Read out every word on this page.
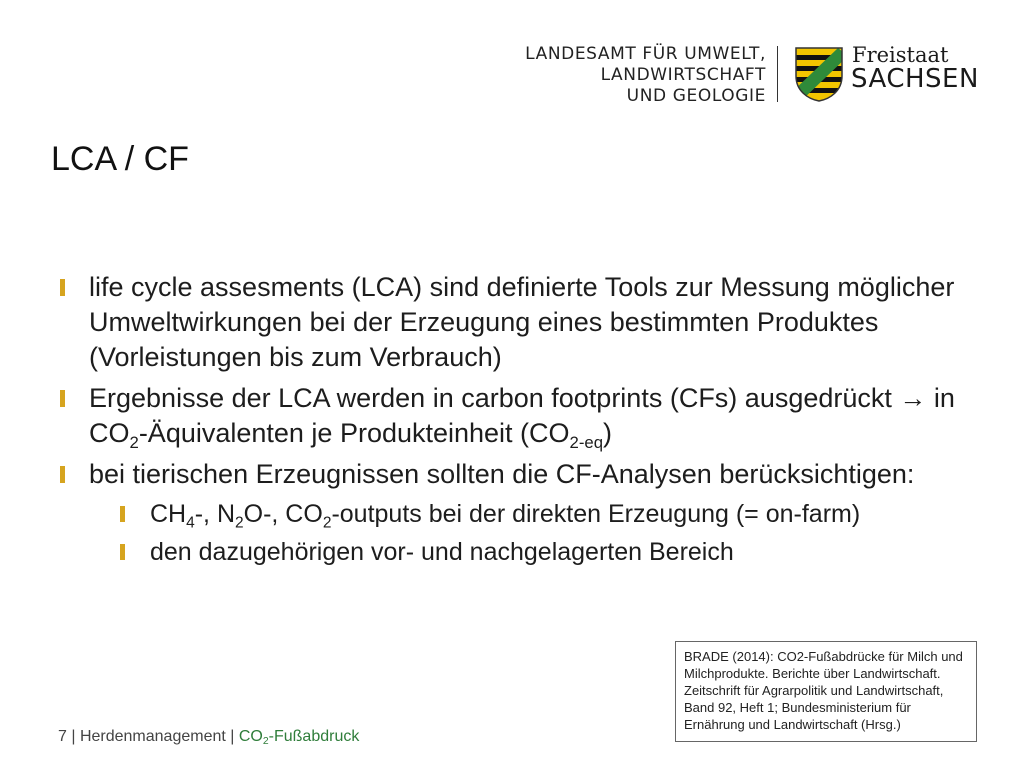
LANDESAMT FÜR UMWELT,
LANDWIRTSCHAFT
UND GEOLOGIE
Freistaat
SACHSEN
LCA / CF
life cycle assesments (LCA) sind definierte Tools zur Messung möglicher Umweltwirkungen bei der Erzeugung eines bestimmten Produktes (Vorleistungen bis zum Verbrauch)
Ergebnisse der LCA werden in carbon footprints (CFs) ausgedrückt → in $CO_2$-Äquivalenten je Produkteinheit $(CO_{2-eq})$
bei tierischen Erzeugnissen sollten die CF-Analysen berücksichtigen:
$CH_4-$, $N_2O-$, $CO_2$-outputs bei der direkten Erzeugung (= on-farm)
den dazugehörigen vor- und nachgelagerten Bereich
BRADE (2014): CO2-Fußabdrücke für Milch und Milchprodukte. Berichte über Landwirtschaft. Zeitschrift für Agrarpolitik und Landwirtschaft, Band 92, Heft 1; Bundesministerium für Ernährung und Landwirtschaft (Hrsg.)
7 | Herdenmanagement | $CO_2$-Fußabdruck
